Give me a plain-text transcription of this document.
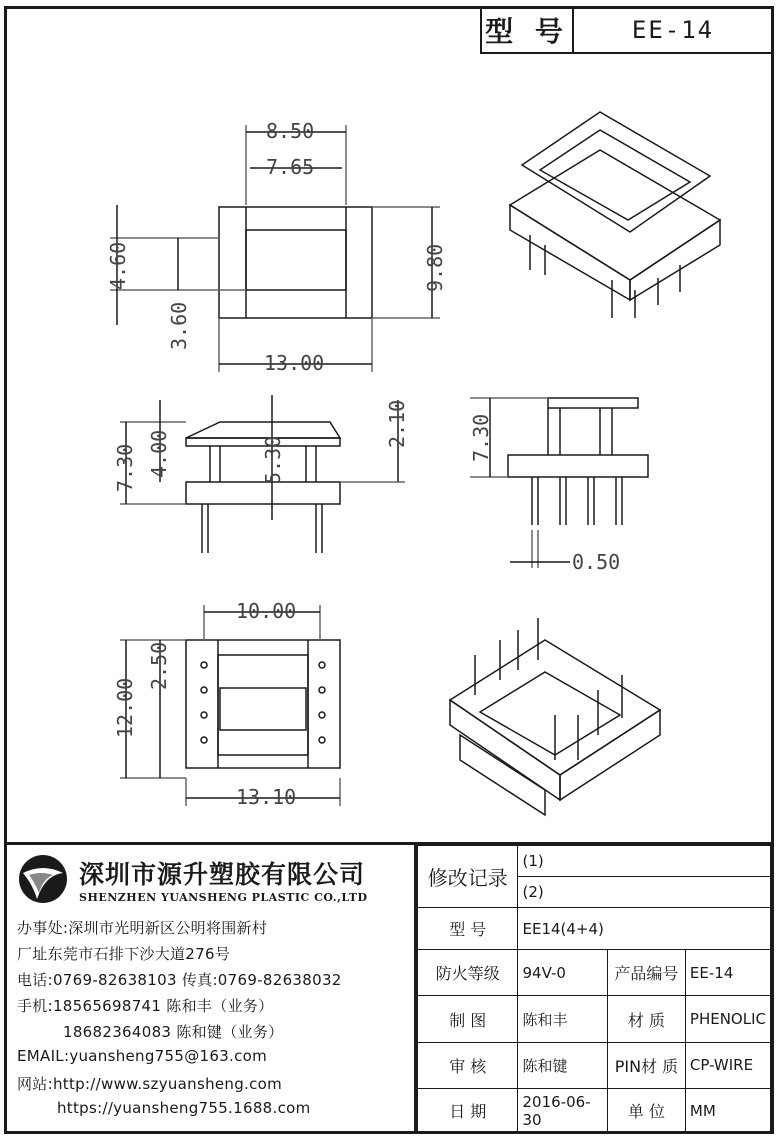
型 号	EE-14
8.50
7.65
4.60
3.60
9.80
13.00
7.30 4.00	5.30
2.10	7.30
0.50
10.00
12.00
2.50
13.10
深圳市源升塑胶有限公司
SHENZHEN YUANSHENG PLASTIC CO.,LTD
办事处:深圳市光明新区公明将围新村
厂址东莞市石排下沙大道276号
电话:0769-82638103 传真:0769-82638032
手机:18565698741 陈和丰（业务）
18682364083 陈和键（业务）
EMAIL:yuansheng755@163.com
网站:http://www.szyuansheng.com
https://yuansheng755.1688.com
修改记录	(1)		
	(2)		
型 号	EE14(4+4)		
防火等级	94V-0	产品编号	EE-14
制 图	陈和丰	材 质	PHENOLIC
审 核	陈和键	PIN材 质	CP-WIRE
日 期	2016-06-30	单 位	MM
